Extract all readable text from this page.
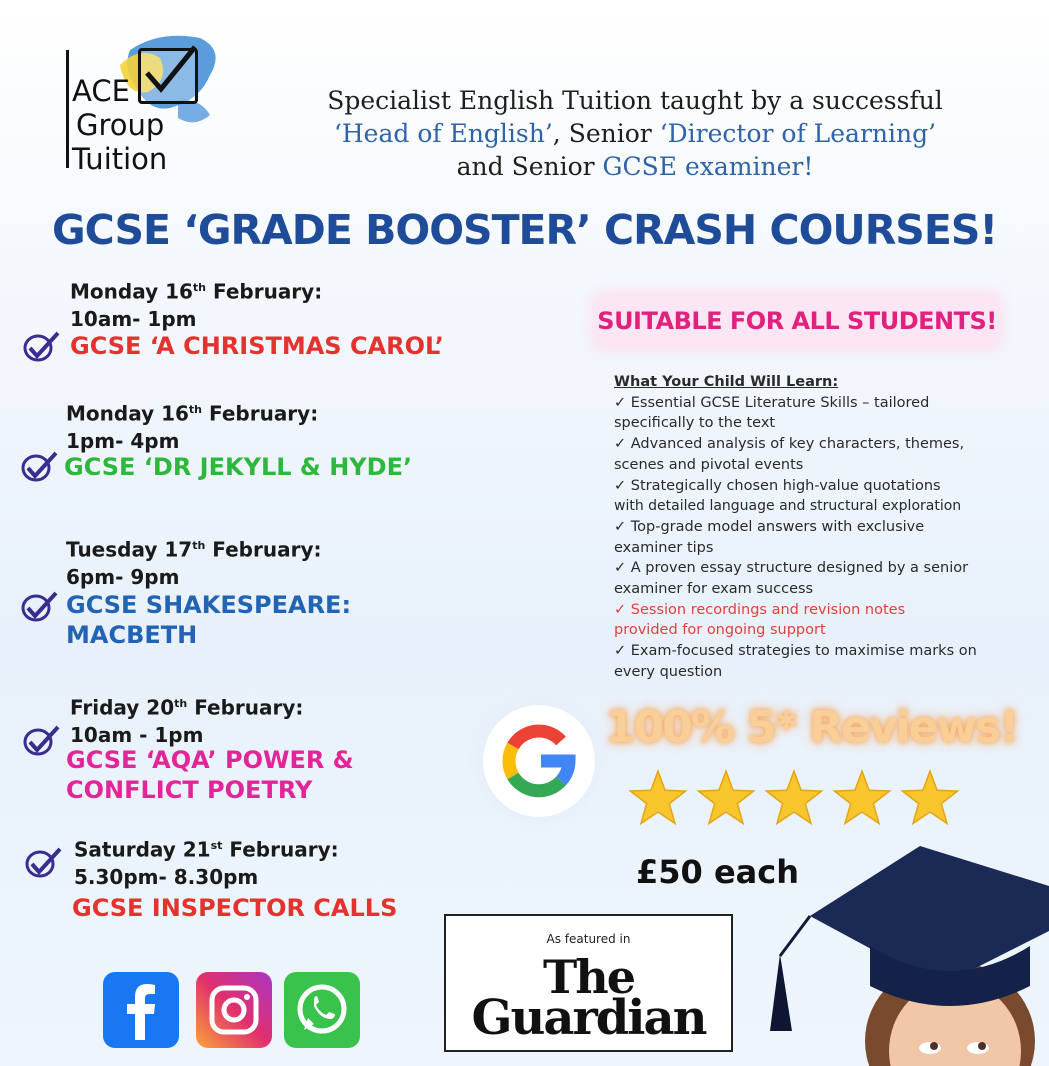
ACE
Group
Tuition
Specialist English Tuition taught by a successful
‘Head of English’, Senior ‘Director of Learning’
and Senior GCSE examiner!
GCSE ‘GRADE BOOSTER’ CRASH COURSES!
Monday 16th February:
10am- 1pm
GCSE ‘A CHRISTMAS CAROL’
Monday 16th February:
1pm- 4pm
GCSE ‘DR JEKYLL & HYDE’
Tuesday 17th February:
6pm- 9pm
GCSE SHAKESPEARE:
MACBETH
Friday 20th February:
10am - 1pm
GCSE ‘AQA’ POWER &
CONFLICT POETRY
Saturday 21st February:
5.30pm- 8.30pm
GCSE INSPECTOR CALLS
SUITABLE FOR ALL STUDENTS!
What Your Child Will Learn:
✓ Essential GCSE Literature Skills – tailored
specifically to the text
✓ Advanced analysis of key characters, themes,
scenes and pivotal events
✓ Strategically chosen high-value quotations
with detailed language and structural exploration
✓ Top-grade model answers with exclusive
examiner tips
✓ A proven essay structure designed by a senior
examiner for exam success
✓ Session recordings and revision notes
provided for ongoing support
✓ Exam-focused strategies to maximise marks on
every question
100% 5* Reviews!
£50 each
As featured in
The
Guardian
